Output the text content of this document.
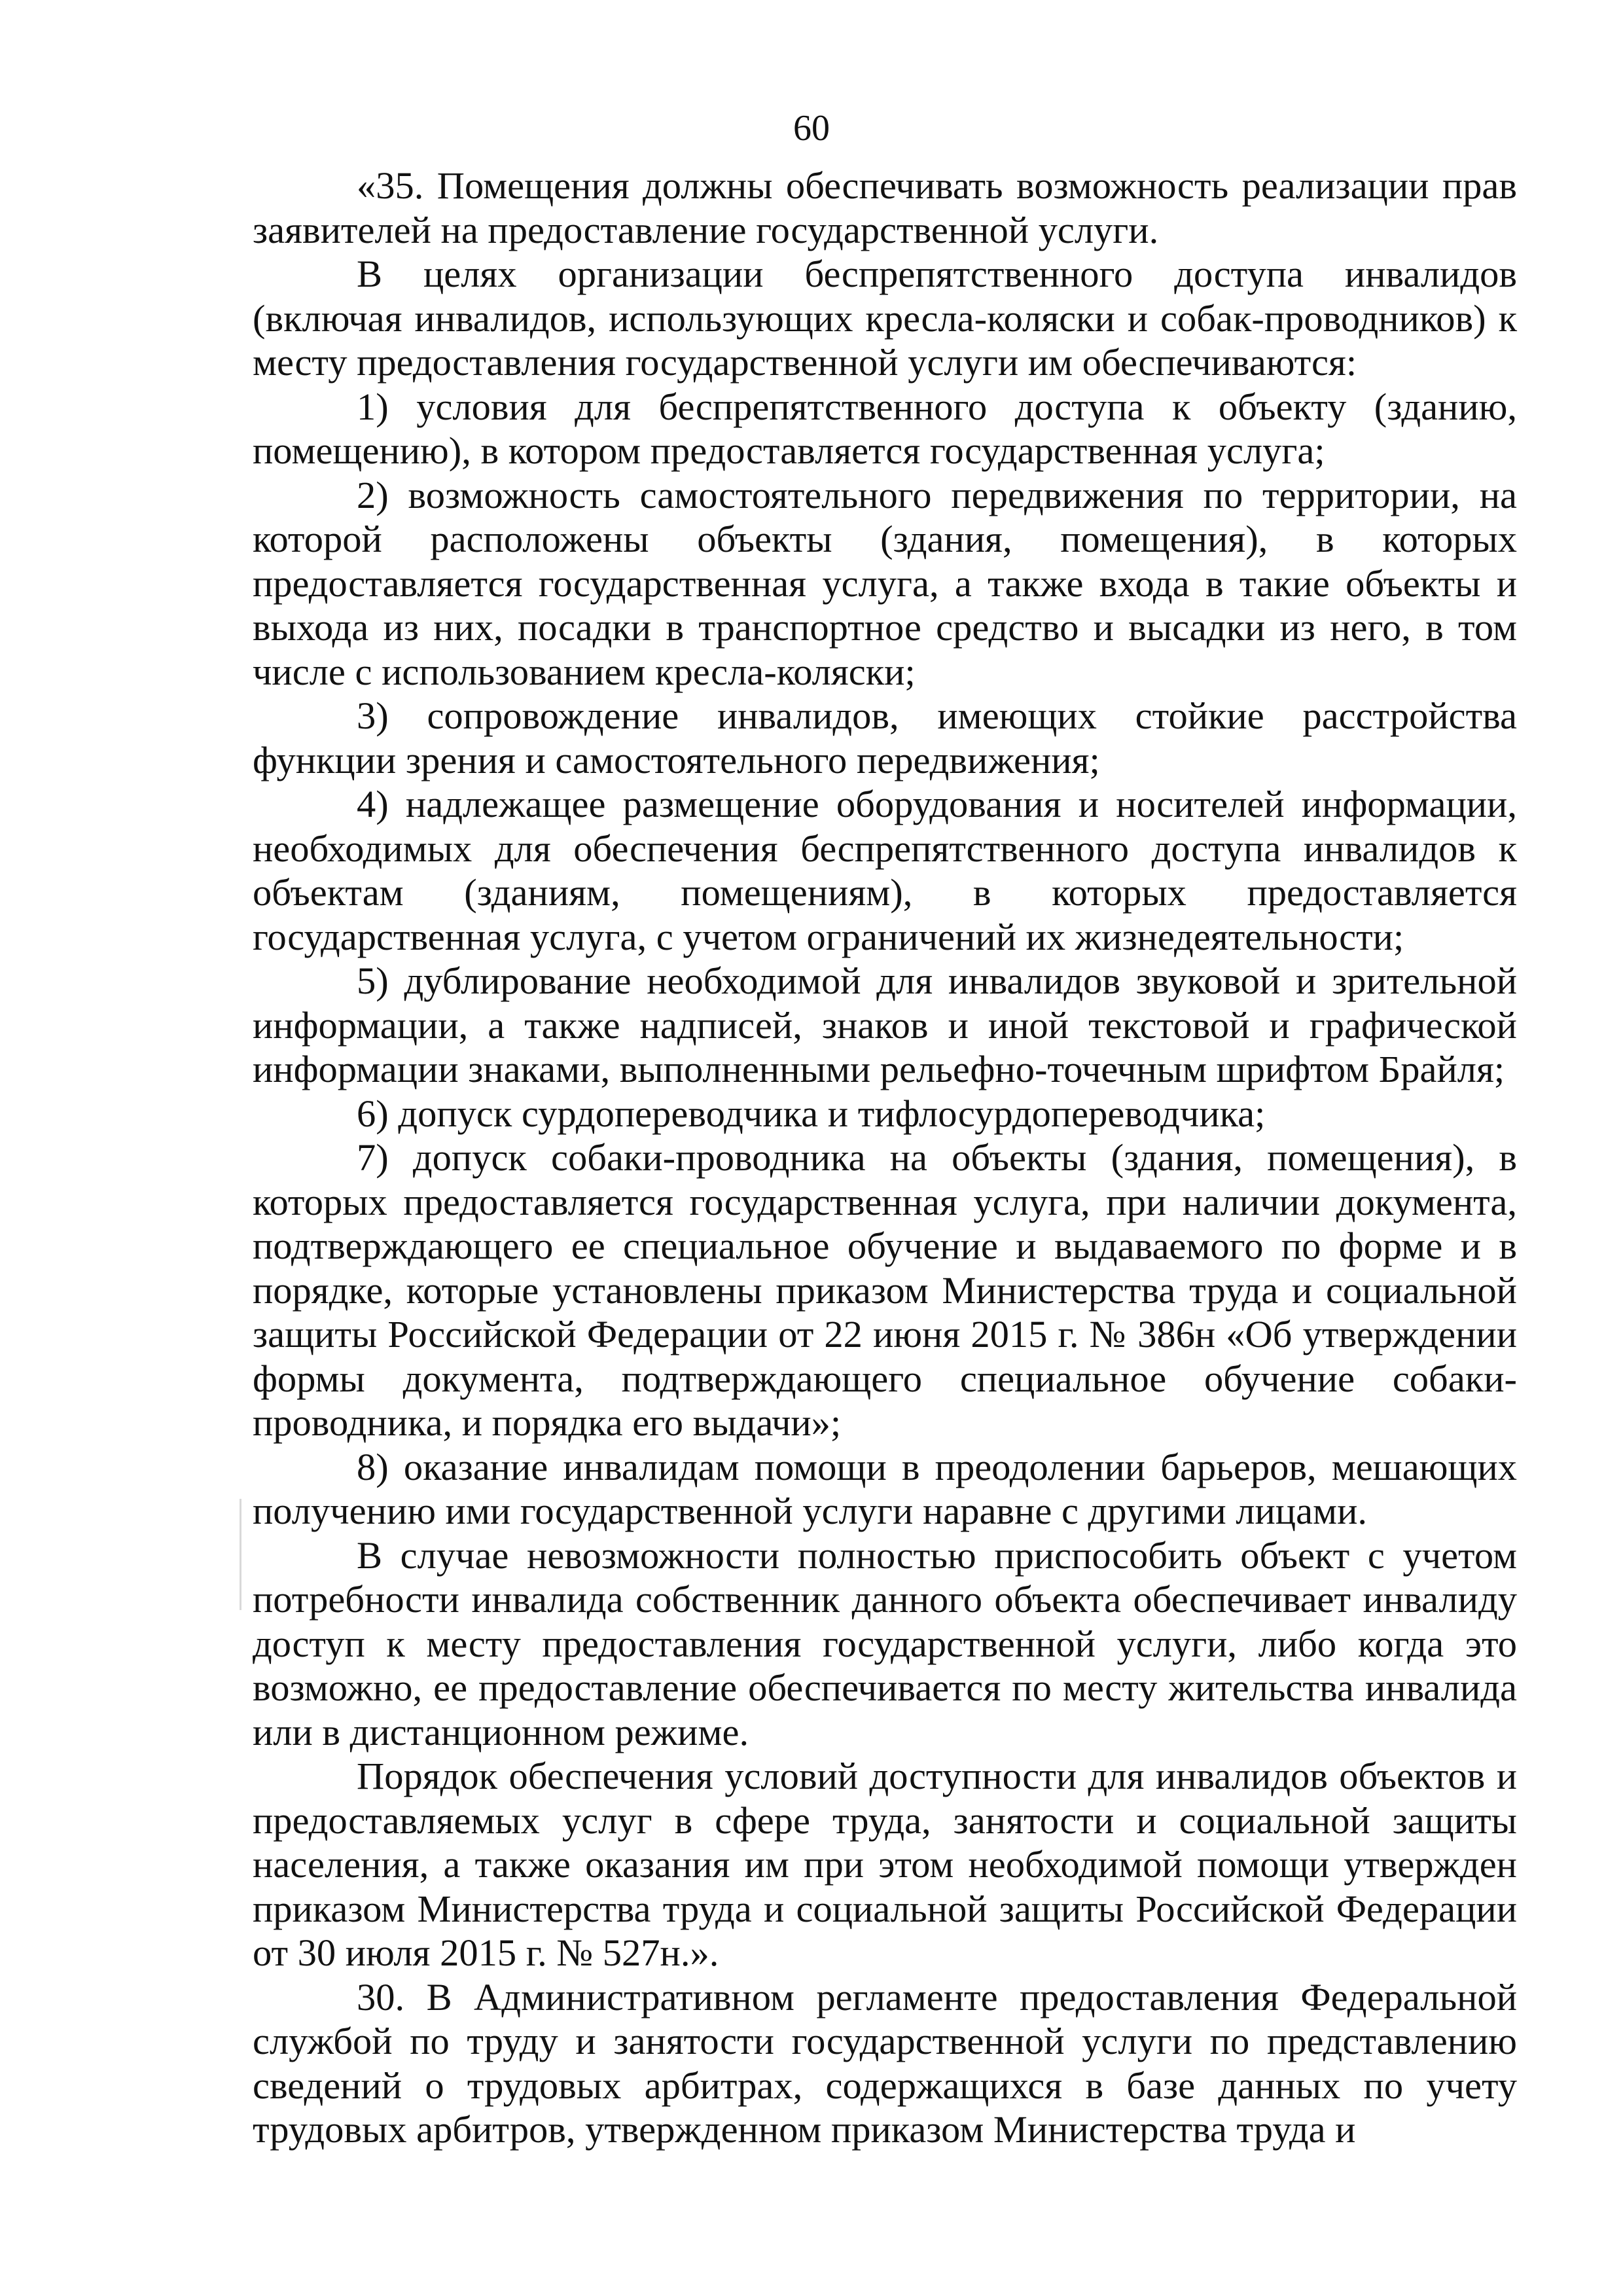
60

«35. Помещения должны обеспечивать возможность реализации прав заявителей на предоставление государственной услуги.

В целях организации беспрепятственного доступа инвалидов (включая инвалидов, использующих кресла-коляски и собак-проводников) к месту предоставления государственной услуги им обеспечиваются:

1) условия для беспрепятственного доступа к объекту (зданию, помещению), в котором предоставляется государственная услуга;

2) возможность самостоятельного передвижения по территории, на которой расположены объекты (здания, помещения), в которых предоставляется государственная услуга, а также входа в такие объекты и выхода из них, посадки в транспортное средство и высадки из него, в том числе с использованием кресла-коляски;

3) сопровождение инвалидов, имеющих стойкие расстройства функции зрения и самостоятельного передвижения;

4) надлежащее размещение оборудования и носителей информации, необходимых для обеспечения беспрепятственного доступа инвалидов к объектам (зданиям, помещениям), в которых предоставляется государственная услуга, с учетом ограничений их жизнедеятельности;

5) дублирование необходимой для инвалидов звуковой и зрительной информации, а также надписей, знаков и иной текстовой и графической информации знаками, выполненными рельефно-точечным шрифтом Брайля;

6) допуск сурдопереводчика и тифлосурдопереводчика;

7) допуск собаки-проводника на объекты (здания, помещения), в которых предоставляется государственная услуга, при наличии документа, подтверждающего ее специальное обучение и выдаваемого по форме и в порядке, которые установлены приказом Министерства труда и социальной защиты Российской Федерации от 22 июня 2015 г. № 386н «Об утверждении формы документа, подтверждающего специальное обучение собаки-проводника, и порядка его выдачи»;

8) оказание инвалидам помощи в преодолении барьеров, мешающих получению ими государственной услуги наравне с другими лицами.

В случае невозможности полностью приспособить объект с учетом потребности инвалида собственник данного объекта обеспечивает инвалиду доступ к месту предоставления государственной услуги, либо когда это возможно, ее предоставление обеспечивается по месту жительства инвалида или в дистанционном режиме.

Порядок обеспечения условий доступности для инвалидов объектов и предоставляемых услуг в сфере труда, занятости и социальной защиты населения, а также оказания им при этом необходимой помощи утвержден приказом Министерства труда и социальной защиты Российской Федерации от 30 июля 2015 г. № 527н.».

30. В Административном регламенте предоставления Федеральной службой по труду и занятости государственной услуги по представлению сведений о трудовых арбитрах, содержащихся в базе данных по учету трудовых арбитров, утвержденном приказом Министерства труда и
